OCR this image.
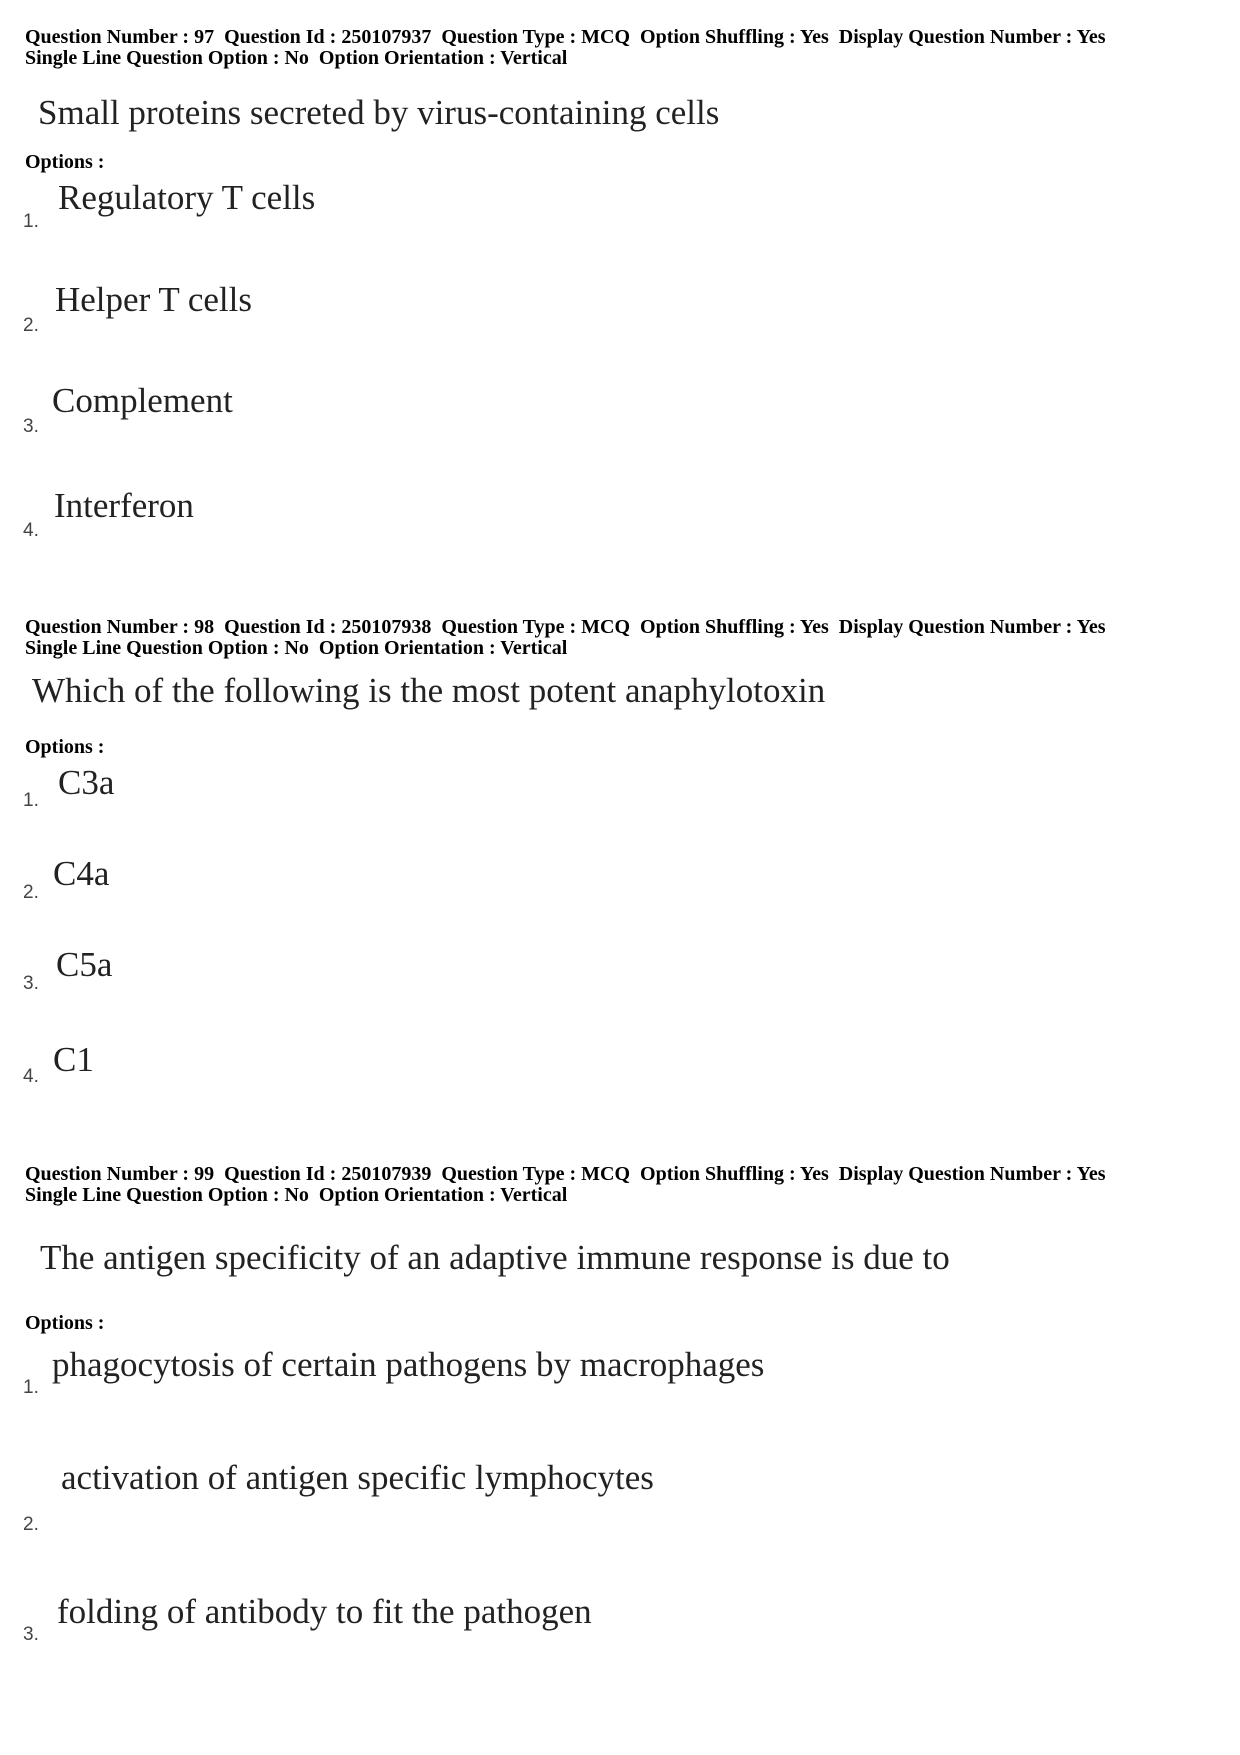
Question Number : 97  Question Id : 250107937  Question Type : MCQ  Option Shuffling : Yes  Display Question Number : Yes
Single Line Question Option : No  Option Orientation : Vertical
Small proteins secreted by virus-containing cells
Options :
1.
Regulatory T cells
2.
Helper T cells
3.
Complement
4.
Interferon
Question Number : 98  Question Id : 250107938  Question Type : MCQ  Option Shuffling : Yes  Display Question Number : Yes
Single Line Question Option : No  Option Orientation : Vertical
Which of the following is the most potent anaphylotoxin
Options :
1. C3a
2. C4a
3. C5a
4. C1
Question Number : 99  Question Id : 250107939  Question Type : MCQ  Option Shuffling : Yes  Display Question Number : Yes
Single Line Question Option : No  Option Orientation : Vertical
The antigen specificity of an adaptive immune response is due to
Options :
1.
phagocytosis of certain pathogens by macrophages
2.
activation of antigen specific lymphocytes
3.
folding of antibody to fit the pathogen
